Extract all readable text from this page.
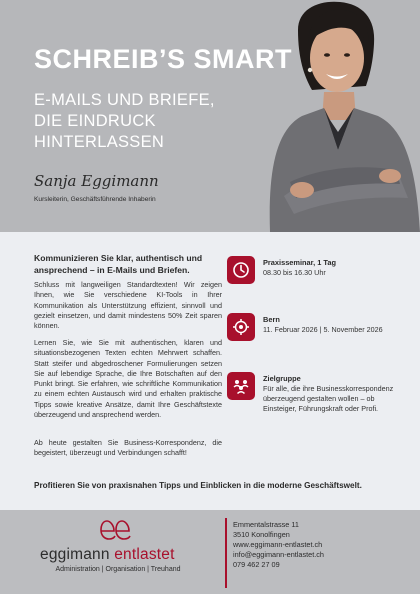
SCHREIB’S SMART
E-MAILS UND BRIEFE,
DIE EINDRUCK
HINTERLASSEN
Sanja Eggimann
Kursleiterin, Geschäftsführende Inhaberin
Kommunizieren Sie klar, authentisch und ansprechend – in E-Mails und Briefen.

Schluss mit langweiligen Standardtexten! Wir zeigen Ihnen, wie Sie verschiedene KI-Tools in Ihrer Kommunikation als Unterstützung effizient, sinnvoll und gezielt einsetzen, und damit mindestens 50% Zeit sparen können.

Lernen Sie, wie Sie mit authentischen, klaren und situationsbezogenen Texten echten Mehrwert schaffen. Statt steifer und abgedroschener Formulierungen setzen Sie auf lebendige Sprache, die Ihre Botschaften auf den Punkt bringt. Sie erfahren, wie schriftliche Kommunikation zu einem echten Austausch wird und erhalten praktische Tipps sowie kreative Ansätze, damit Ihre Geschäftstexte überzeugend und ansprechend werden.

Ab heute gestalten Sie Business-Korrespondenz, die begeistert, überzeugt und Verbindungen schafft!

Praxisseminar, 1 Tag
08.30 bis 16.30 Uhr
Bern
11. Februar 2026 | 5. November 2026
Zielgruppe
Für alle, die ihre Businesskorrespondenz überzeugend gestalten wollen – ob Einsteiger, Führungskraft oder Profi.
Profitieren Sie von praxisnahen Tipps und Einblicken in die moderne Geschäftswelt.
eggimann entlastet
Administration | Organisation | Treuhand
Emmentalstrasse 11
3510 Konolfingen
www.eggimann-entlastet.ch
info@eggimann-entlastet.ch
079 462 27 09
